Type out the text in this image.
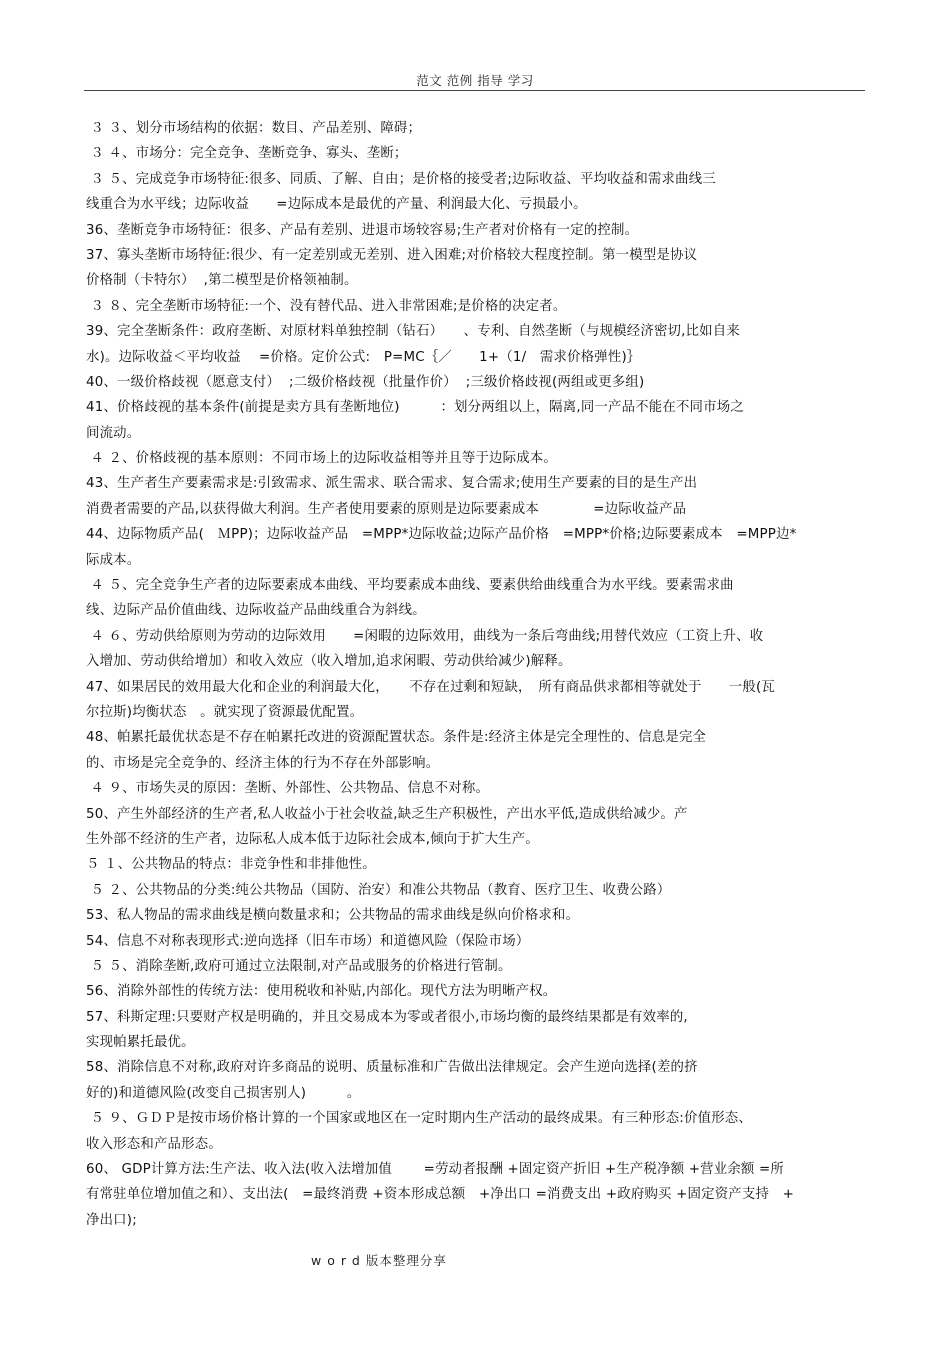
范文 范例 指导 学习
３ ３、划分市场结构的依据：数目、产品差别、障碍；
３ ４、市场分：完全竞争、垄断竞争、寡头、垄断；
３ ５、完成竞争市场特征:很多、同质、了解、自由；是价格的接受者;边际收益、平均收益和需求曲线三
线重合为水平线；边际收益　　=边际成本是最优的产量、利润最大化、亏损最小。
36、垄断竞争市场特征：很多、产品有差别、进退市场较容易;生产者对价格有一定的控制。
37、寡头垄断市场特征:很少、有一定差别或无差别、进入困难;对价格较大程度控制。第一模型是协议
价格制（卡特尔）  ,第二模型是价格领袖制。
３ ８、完全垄断市场特征:一个、没有替代品、进入非常困难;是价格的决定者。
39、完全垄断条件：政府垄断、对原材料单独控制（钻石）　　、专利、自然垄断（与规模经济密切,比如自来
水)。边际收益＜平均收益　 =价格。定价公式:　P=MC｛／　　1+（1/　需求价格弹性)｝
40、一级价格歧视（愿意支付）  ;二级价格歧视（批量作价）  ;三级价格歧视(两组或更多组)
41、价格歧视的基本条件(前提是卖方具有垄断地位)　　　：划分两组以上，隔离,同一产品不能在不同市场之
间流动。
４ ２、价格歧视的基本原则：不同市场上的边际收益相等并且等于边际成本。
43、生产者生产要素需求是:引致需求、派生需求、联合需求、复合需求;使用生产要素的目的是生产出
消费者需要的产品,以获得做大利润。生产者使用要素的原则是边际要素成本　　　　=边际收益产品
44、边际物质产品(　ＭPP)；边际收益产品　=MPP*边际收益;边际产品价格　=MPP*价格;边际要素成本　=MPP边*
际成本。
４ ５、完全竞争生产者的边际要素成本曲线、平均要素成本曲线、要素供给曲线重合为水平线。要素需求曲
线、边际产品价值曲线、边际收益产品曲线重合为斜线。
４ ６、劳动供给原则为劳动的边际效用　　=闲暇的边际效用，曲线为一条后弯曲线;用替代效应（工资上升、收
入增加、劳动供给增加）和收入效应（收入增加,追求闲暇、劳动供给减少)解释。
47、如果居民的效用最大化和企业的利润最大化，　　不存在过剩和短缺，　所有商品供求都相等就处于　　一般(瓦
尔拉斯)均衡状态　。就实现了资源最优配置。
48、帕累托最优状态是不存在帕累托改进的资源配置状态。条件是:经济主体是完全理性的、信息是完全
的、市场是完全竞争的、经济主体的行为不存在外部影响。
４ ９、市场失灵的原因：垄断、外部性、公共物品、信息不对称。
50、产生外部经济的生产者,私人收益小于社会收益,缺乏生产积极性，产出水平低,造成供给减少。产
生外部不经济的生产者，边际私人成本低于边际社会成本,倾向于扩大生产。
５ １、公共物品的特点：非竞争性和非排他性。
５ ２、公共物品的分类:纯公共物品（国防、治安）和准公共物品（教育、医疗卫生、收费公路）
53、私人物品的需求曲线是横向数量求和；公共物品的需求曲线是纵向价格求和。
54、信息不对称表现形式:逆向选择（旧车市场）和道德风险（保险市场）
５ ５、消除垄断,政府可通过立法限制,对产品或服务的价格进行管制。
56、消除外部性的传统方法：使用税收和补贴,内部化。现代方法为明晰产权。
57、科斯定理:只要财产权是明确的，并且交易成本为零或者很小,市场均衡的最终结果都是有效率的,
实现帕累托最优。
58、消除信息不对称,政府对许多商品的说明、质量标准和广告做出法律规定。会产生逆向选择(差的挤
好的)和道德风险(改变自己损害别人)　　　。
５ ９、ＧＤＰ是按市场价格计算的一个国家或地区在一定时期内生产活动的最终成果。有三种形态:价值形态、
收入形态和产品形态。
60、 GDP计算方法:生产法、收入法(收入法增加值　　 =劳动者报酬 +固定资产折旧 +生产税净额 +营业余额 =所
有常驻单位增加值之和）、支出法(　=最终消费 +资本形成总额　+净出口 =消费支出 +政府购买 +固定资产支持　+
净出口);
w o r d 版本整理分享
